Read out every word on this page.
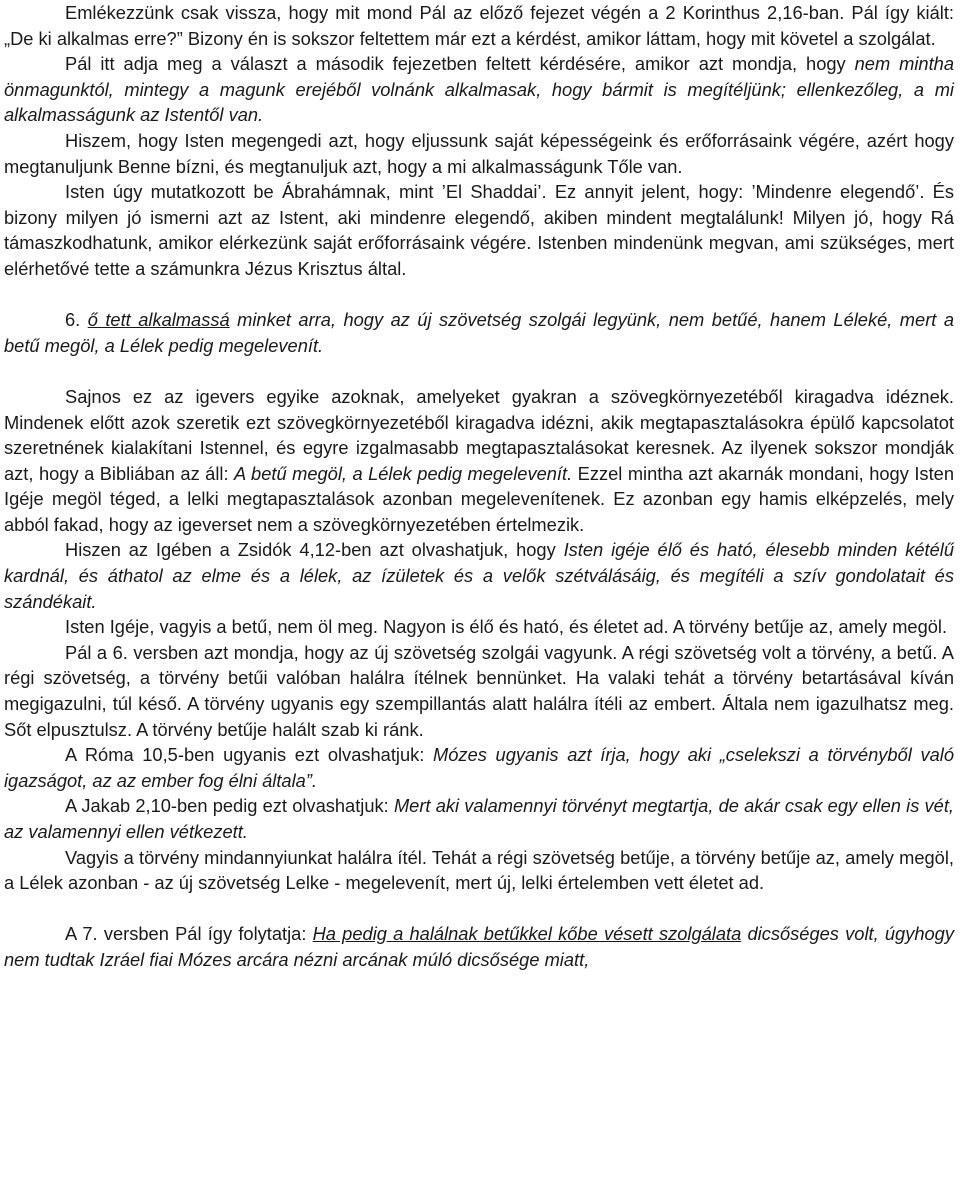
Emlékezzünk csak vissza, hogy mit mond Pál az előző fejezet végén a 2 Korinthus 2,16-ban. Pál így kiált: „De ki alkalmas erre?” Bizony én is sokszor feltettem már ezt a kérdést, amikor láttam, hogy mit követel a szolgálat.

Pál itt adja meg a választ a második fejezetben feltett kérdésére, amikor azt mondja, hogy nem mintha önmagunktól, mintegy a magunk erejéből volnánk alkalmasak, hogy bármit is megítéljünk; ellenkezőleg, a mi alkalmasságunk az Istentől van.

Hiszem, hogy Isten megengedi azt, hogy eljussunk saját képességeink és erőforrásaink végére, azért hogy megtanuljunk Benne bízni, és megtanuljuk azt, hogy a mi alkalmasságunk Tőle van.

Isten úgy mutatkozott be Ábrahámnak, mint ’El Shaddai’. Ez annyit jelent, hogy: ’Mindenre elegendő’. És bizony milyen jó ismerni azt az Istent, aki mindenre elegendő, akiben mindent megtalálunk! Milyen jó, hogy Rá támaszkodhatunk, amikor elérkezünk saját erőforrásaink végére. Istenben mindenünk megvan, ami szükséges, mert elérhetővé tette a számunkra Jézus Krisztus által.

6. ő tett alkalmassá minket arra, hogy az új szövetség szolgái legyünk, nem betűé, hanem Léleké, mert a betű megöl, a Lélek pedig megelevenít.

Sajnos ez az igevers egyike azoknak, amelyeket gyakran a szövegkörnyezetéből kiragadva idéznek. Mindenek előtt azok szeretik ezt szövegkörnyezetéből kiragadva idézni, akik megtapasztalásokra épülő kapcsolatot szeretnének kialakítani Istennel, és egyre izgalmasabb megtapasztalásokat keresnek. Az ilyenek sokszor mondják azt, hogy a Bibliában az áll: A betű megöl, a Lélek pedig megelevenít. Ezzel mintha azt akarnák mondani, hogy Isten Igéje megöl téged, a lelki megtapasztalások azonban megelevenítenek. Ez azonban egy hamis elképzelés, mely abból fakad, hogy az igeverset nem a szövegkörnyezetében értelmezik.

Hiszen az Igében a Zsidók 4,12-ben azt olvashatjuk, hogy Isten igéje élő és ható, élesebb minden kétélű kardnál, és áthatol az elme és a lélek, az ízületek és a velők szétválásáig, és megítéli a szív gondolatait és szándékait.

Isten Igéje, vagyis a betű, nem öl meg. Nagyon is élő és ható, és életet ad. A törvény betűje az, amely megöl.

Pál a 6. versben azt mondja, hogy az új szövetség szolgái vagyunk. A régi szövetség volt a törvény, a betű. A régi szövetség, a törvény betűi valóban halálra ítélnek bennünket. Ha valaki tehát a törvény betartásával kíván megigazulni, túl késő. A törvény ugyanis egy szempillantás alatt halálra ítéli az embert. Általa nem igazulhatsz meg. Sőt elpusztulsz. A törvény betűje halált szab ki ránk.

A Róma 10,5-ben ugyanis ezt olvashatjuk: Mózes ugyanis azt írja, hogy aki „cselekszi a törvényből való igazságot, az az ember fog élni általa”.

A Jakab 2,10-ben pedig ezt olvashatjuk: Mert aki valamennyi törvényt megtartja, de akár csak egy ellen is vét, az valamennyi ellen vétkezett.

Vagyis a törvény mindannyiunkat halálra ítél. Tehát a régi szövetség betűje, a törvény betűje az, amely megöl, a Lélek azonban - az új szövetség Lelke - megelevenít, mert új, lelki értelemben vett életet ad.

A 7. versben Pál így folytatja: Ha pedig a halálnak betűkkel kőbe vésett szolgálata dicsőséges volt, úgyhogy nem tudtak Izráel fiai Mózes arcára nézni arcának múló dicsősége miatt,
